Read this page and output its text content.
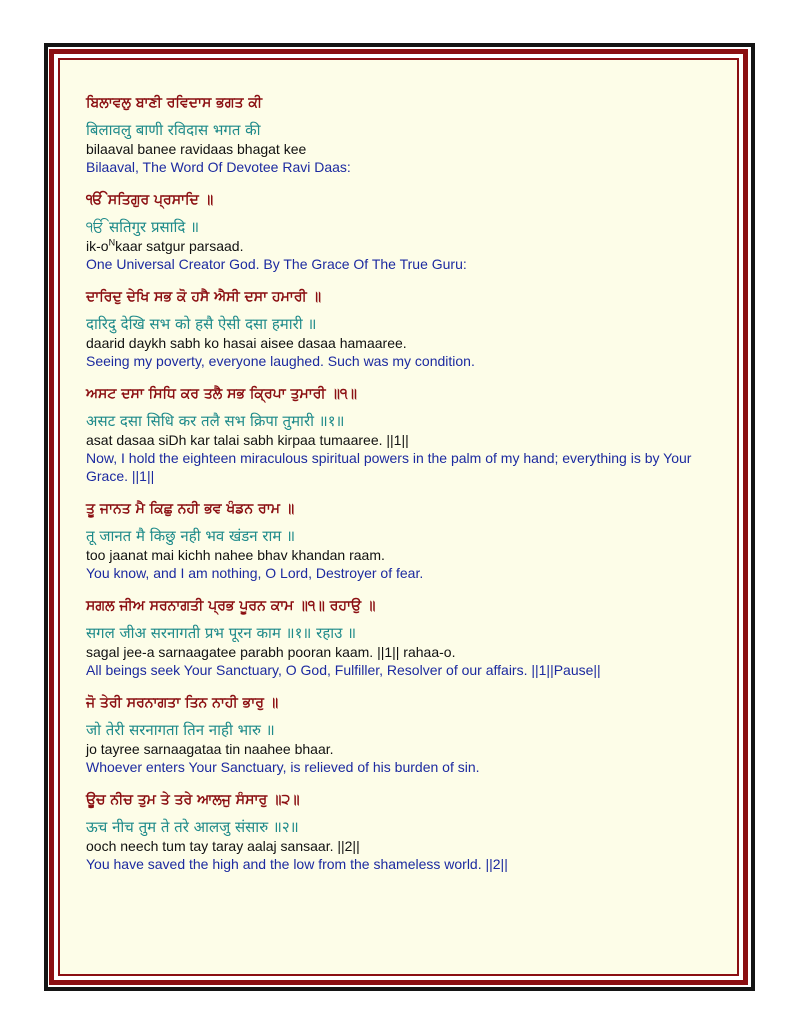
ਬਿਲਾਵਲੁ ਬਾਣੀ ਰਵਿਦਾਸ ਭਗਤ ਕੀ
बिलावलु बाणी रविदास भगत की
bilaaval banee ravidaas bhagat kee
Bilaaval, The Word Of Devotee Ravi Daas:
ੴ ਸਤਿਗੁਰ ਪ੍ਰਸਾਦਿ ॥
ੴ सतिगुर प्रसादि ॥
$ik-o^Nkaar$ satgur parsaad.
One Universal Creator God. By The Grace Of The True Guru:
ਦਾਰਿਦੁ ਦੇਖਿ ਸਭ ਕੋ ਹਸੈ ਐਸੀ ਦਸਾ ਹਮਾਰੀ ॥
दारिदु देखि सभ को हसै ऐसी दसा हमारी ॥
daarid daykh sabh ko hasai aisee dasaa hamaaree.
Seeing my poverty, everyone laughed. Such was my condition.
ਅਸਟ ਦਸਾ ਸਿਧਿ ਕਰ ਤਲੈ ਸਭ ਕ੍ਰਿਪਾ ਤੁਮਾਰੀ ॥੧॥
असट दसा सिधि कर तलै सभ क्रिपा तुमारी ॥१॥
asat dasaa siDh kar talai sabh kirpaa tumaaree. ||1||
Now, I hold the eighteen miraculous spiritual powers in the palm of my hand; everything is by Your Grace. ||1||
ਤੂ ਜਾਨਤ ਮੈ ਕਿਛੁ ਨਹੀ ਭਵ ਖੰਡਨ ਰਾਮ ॥
तू जानत मै किछु नही भव खंडन राम ॥
too jaanat mai kichh nahee bhav khandan raam.
You know, and I am nothing, O Lord, Destroyer of fear.
ਸਗਲ ਜੀਅ ਸਰਨਾਗਤੀ ਪ੍ਰਭ ਪੂਰਨ ਕਾਮ ॥੧॥ ਰਹਾਉ ॥
सगल जीअ सरनागती प्रभ पूरन काम ॥१॥ रहाउ ॥
sagal jee-a sarnaagatee parabh pooran kaam. ||1|| rahaa-o.
All beings seek Your Sanctuary, O God, Fulfiller, Resolver of our affairs. ||1||Pause||
ਜੋ ਤੇਰੀ ਸਰਨਾਗਤਾ ਤਿਨ ਨਾਹੀ ਭਾਰੁ ॥
जो तेरी सरनागता तिन नाही भारु ॥
jo tayree sarnaagataa tin naahee bhaar.
Whoever enters Your Sanctuary, is relieved of his burden of sin.
ਊਚ ਨੀਚ ਤੁਮ ਤੇ ਤਰੇ ਆਲਜੁ ਸੰਸਾਰੁ ॥੨॥
ऊच नीच तुम ते तरे आलजु संसारु ॥२॥
ooch neech tum tay taray aalaj sansaar. ||2||
You have saved the high and the low from the shameless world. ||2||
